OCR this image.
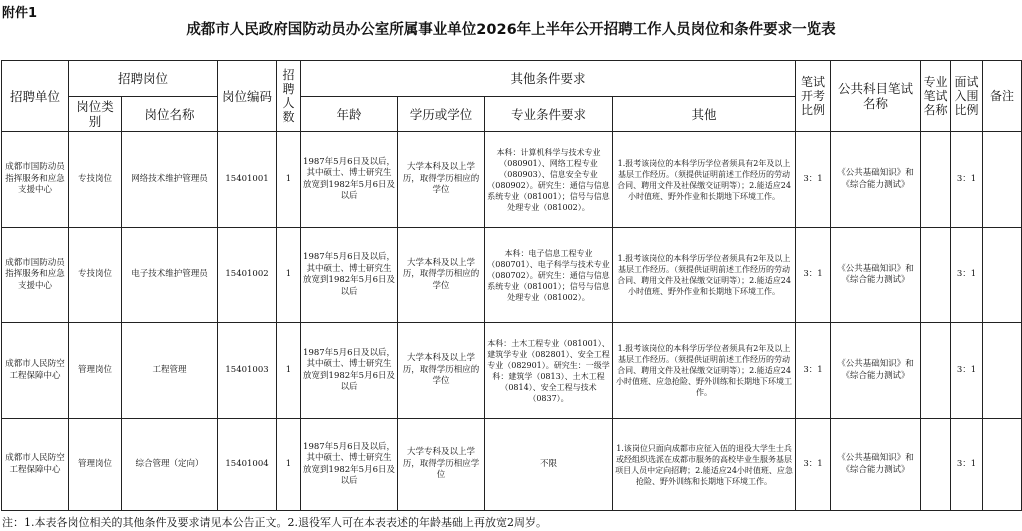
附件1
成都市人民政府国防动员办公室所属事业单位2026年上半年公开招聘工作人员岗位和条件要求一览表
招聘单位	招聘岗位		岗位编码	招聘人数	其他条件要求				笔试开考比例	公共科目笔试名称	专业笔试名称	面试入围比例	备注
	岗位类别	岗位名称			年龄	学历或学位	专业条件要求	其他					
成都市国防动员指挥服务和应急支援中心	专技岗位	网络技术维护管理员	15401001	1	1987年5月6日及以后，其中硕士、博士研究生放宽到1982年5月6日及以后	大学本科及以上学历，取得学历相应的学位	本科：计算机科学与技术专业（080901）、网络工程专业（080903）、信息安全专业（080902）。研究生：通信与信息系统专业（081001）；信号与信息处理专业（081002）。	1.报考该岗位的本科学历学位者须具有2年及以上基层工作经历。（须提供证明前述工作经历的劳动合同、聘用文件及社保缴交证明等）；2.能适应24小时值班、野外作业和长期地下环境工作。	3：1	《公共基础知识》和《综合能力测试》		3：1	
成都市国防动员指挥服务和应急支援中心	专技岗位	电子技术维护管理员	15401002	1	1987年5月6日及以后，其中硕士、博士研究生放宽到1982年5月6日及以后	大学本科及以上学历，取得学历相应的学位	本科：电子信息工程专业（080701）、电子科学与技术专业（080702）。研究生：通信与信息系统专业（081001）；信号与信息处理专业（081002）。	1.报考该岗位的本科学历学位者须具有2年及以上基层工作经历。（须提供证明前述工作经历的劳动合同、聘用文件及社保缴交证明等）；2.能适应24小时值班、野外作业和长期地下环境工作。	3：1	《公共基础知识》和《综合能力测试》		3：1	
成都市人民防空工程保障中心	管理岗位	工程管理	15401003	1	1987年5月6日及以后，其中硕士、博士研究生放宽到1982年5月6日及以后	大学本科及以上学历，取得学历相应的学位	本科：土木工程专业（081001）、建筑学专业（082801）、安全工程专业（082901）。研究生：一级学科：建筑学（0813）、土木工程（0814）、安全工程与技术（0837）。	1.报考该岗位的本科学历学位者须具有2年及以上基层工作经历。（须提供证明前述工作经历的劳动合同、聘用文件及社保缴交证明等）；2.能适应24小时值班、应急抢险、野外训练和长期地下环境工作。	3：1	《公共基础知识》和《综合能力测试》		3：1	
成都市人民防空工程保障中心	管理岗位	综合管理（定向）	15401004	1	1987年5月6日及以后，其中硕士、博士研究生放宽到1982年5月6日及以后	大学专科及以上学历，取得学历相应学位	不限	1.该岗位只面向成都市应征入伍的退役大学生士兵或经组织选派在成都市服务的高校毕业生服务基层项目人员中定向招聘；2.能适应24小时值班、应急抢险、野外训练和长期地下环境工作。	3：1	《公共基础知识》和《综合能力测试》		3：1	
注：1.本表各岗位相关的其他条件及要求请见本公告正文。2.退役军人可在本表表述的年龄基础上再放宽2周岁。
